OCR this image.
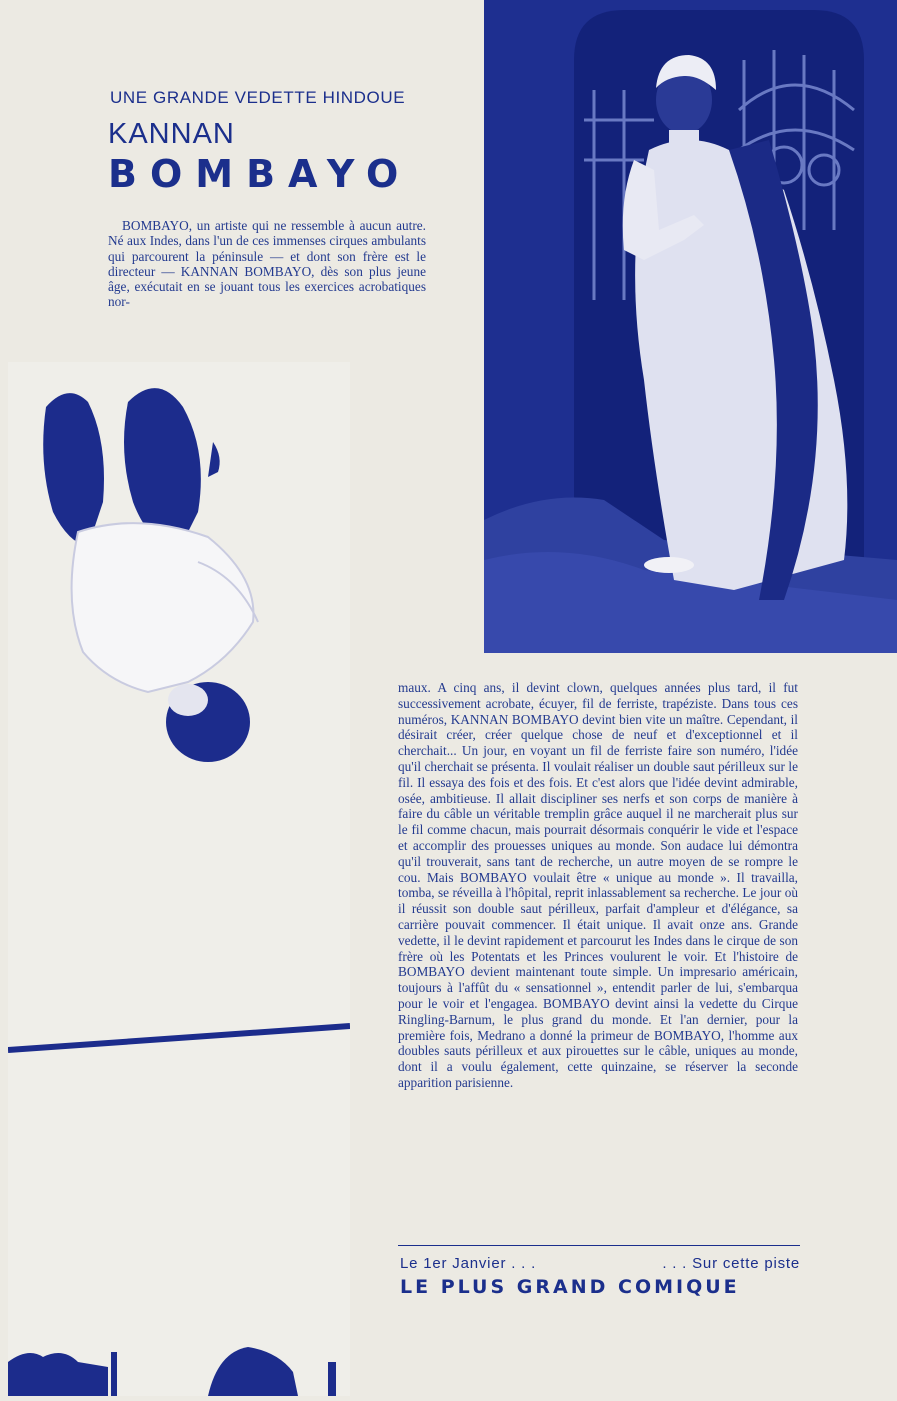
UNE GRANDE VEDETTE HINDOUE
KANNAN
BOMBAYO
BOMBAYO, un artiste qui ne ressemble à aucun autre. Né aux Indes, dans l'un de ces immenses cirques ambulants qui parcourent la péninsule — et dont son frère est le directeur — KANNAN BOMBAYO, dès son plus jeune âge, exécutait en se jouant tous les exercices acrobatiques nor-

maux. A cinq ans, il devint clown, quelques années plus tard, il fut successivement acrobate, écuyer, fil de ferriste, trapéziste. Dans tous ces numéros, KANNAN BOMBAYO devint bien vite un maître. Cependant, il désirait créer, créer quelque chose de neuf et d'exceptionnel et il cherchait... Un jour, en voyant un fil de ferriste faire son numéro, l'idée qu'il cherchait se présenta. Il voulait réaliser un double saut périlleux sur le fil. Il essaya des fois et des fois. Et c'est alors que l'idée devint admirable, osée, ambitieuse. Il allait discipliner ses nerfs et son corps de manière à faire du câble un véritable tremplin grâce auquel il ne marcherait plus sur le fil comme chacun, mais pourrait désormais conquérir le vide et l'espace et accomplir des prouesses uniques au monde. Son audace lui démontra qu'il trouverait, sans tant de recherche, un autre moyen de se rompre le cou. Mais BOMBAYO voulait être « unique au monde ». Il travailla, tomba, se réveilla à l'hôpital, reprit inlassablement sa recherche. Le jour où il réussit son double saut périlleux, parfait d'ampleur et d'élégance, sa carrière pouvait commencer. Il était unique. Il avait onze ans. Grande vedette, il le devint rapidement et parcourut les Indes dans le cirque de son frère où les Potentats et les Princes voulurent le voir. Et l'histoire de BOMBAYO devient maintenant toute simple. Un impresario américain, toujours à l'affût du « sensationnel », entendit parler de lui, s'embarqua pour le voir et l'engagea. BOMBAYO devint ainsi la vedette du Cirque Ringling-Barnum, le plus grand du monde. Et l'an dernier, pour la première fois, Medrano a donné la primeur de BOMBAYO, l'homme aux doubles sauts périlleux et aux pirouettes sur le câble, uniques au monde, dont il a voulu également, cette quinzaine, se réserver la seconde apparition parisienne.

Le 1er Janvier . . .	. . . Sur cette piste
LE PLUS GRAND COMIQUE
